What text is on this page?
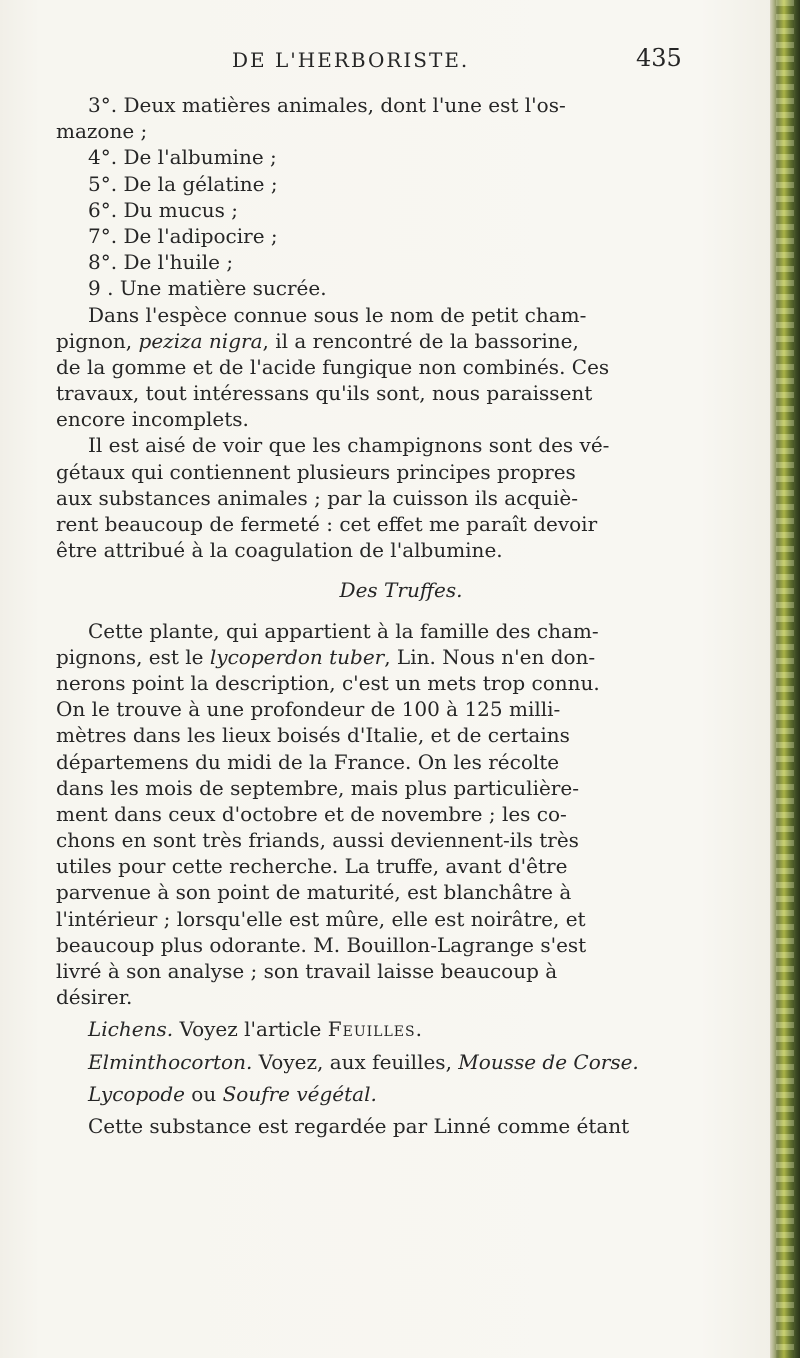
DE L'HERBORISTE.	435
3°. Deux matières animales, dont l'une est l'os-
mazone ;
4°. De l'albumine ;
5°. De la gélatine ;
6°. Du mucus ;
7°. De l'adipocire ;
8°. De l'huile ;
9 . Une matière sucrée.
Dans l'espèce connue sous le nom de petit cham-
pignon, peziza nigra, il a rencontré de la bassorine,
de la gomme et de l'acide fungique non combinés. Ces
travaux, tout intéressans qu'ils sont, nous paraissent
encore incomplets.
Il est aisé de voir que les champignons sont des vé-
gétaux qui contiennent plusieurs principes propres
aux substances animales ; par la cuisson ils acquiè-
rent beaucoup de fermeté : cet effet me paraît devoir
être attribué à la coagulation de l'albumine.
Des Truffes.
Cette plante, qui appartient à la famille des cham-
pignons, est le lycoperdon tuber, Lin. Nous n'en don-
nerons point la description, c'est un mets trop connu.
On le trouve à une profondeur de 100 à 125 milli-
mètres dans les lieux boisés d'Italie, et de certains
départemens du midi de la France. On les récolte
dans les mois de septembre, mais plus particulière-
ment dans ceux d'octobre et de novembre ; les co-
chons en sont très friands, aussi deviennent-ils très
utiles pour cette recherche. La truffe, avant d'être
parvenue à son point de maturité, est blanchâtre à
l'intérieur ; lorsqu'elle est mûre, elle est noirâtre, et
beaucoup plus odorante. M. Bouillon-Lagrange s'est
livré à son analyse ; son travail laisse beaucoup à
désirer.
Lichens. Voyez l'article Feuilles.
Elminthocorton. Voyez, aux feuilles, Mousse de Corse.
Lycopode ou Soufre végétal.
Cette substance est regardée par Linné comme étant
